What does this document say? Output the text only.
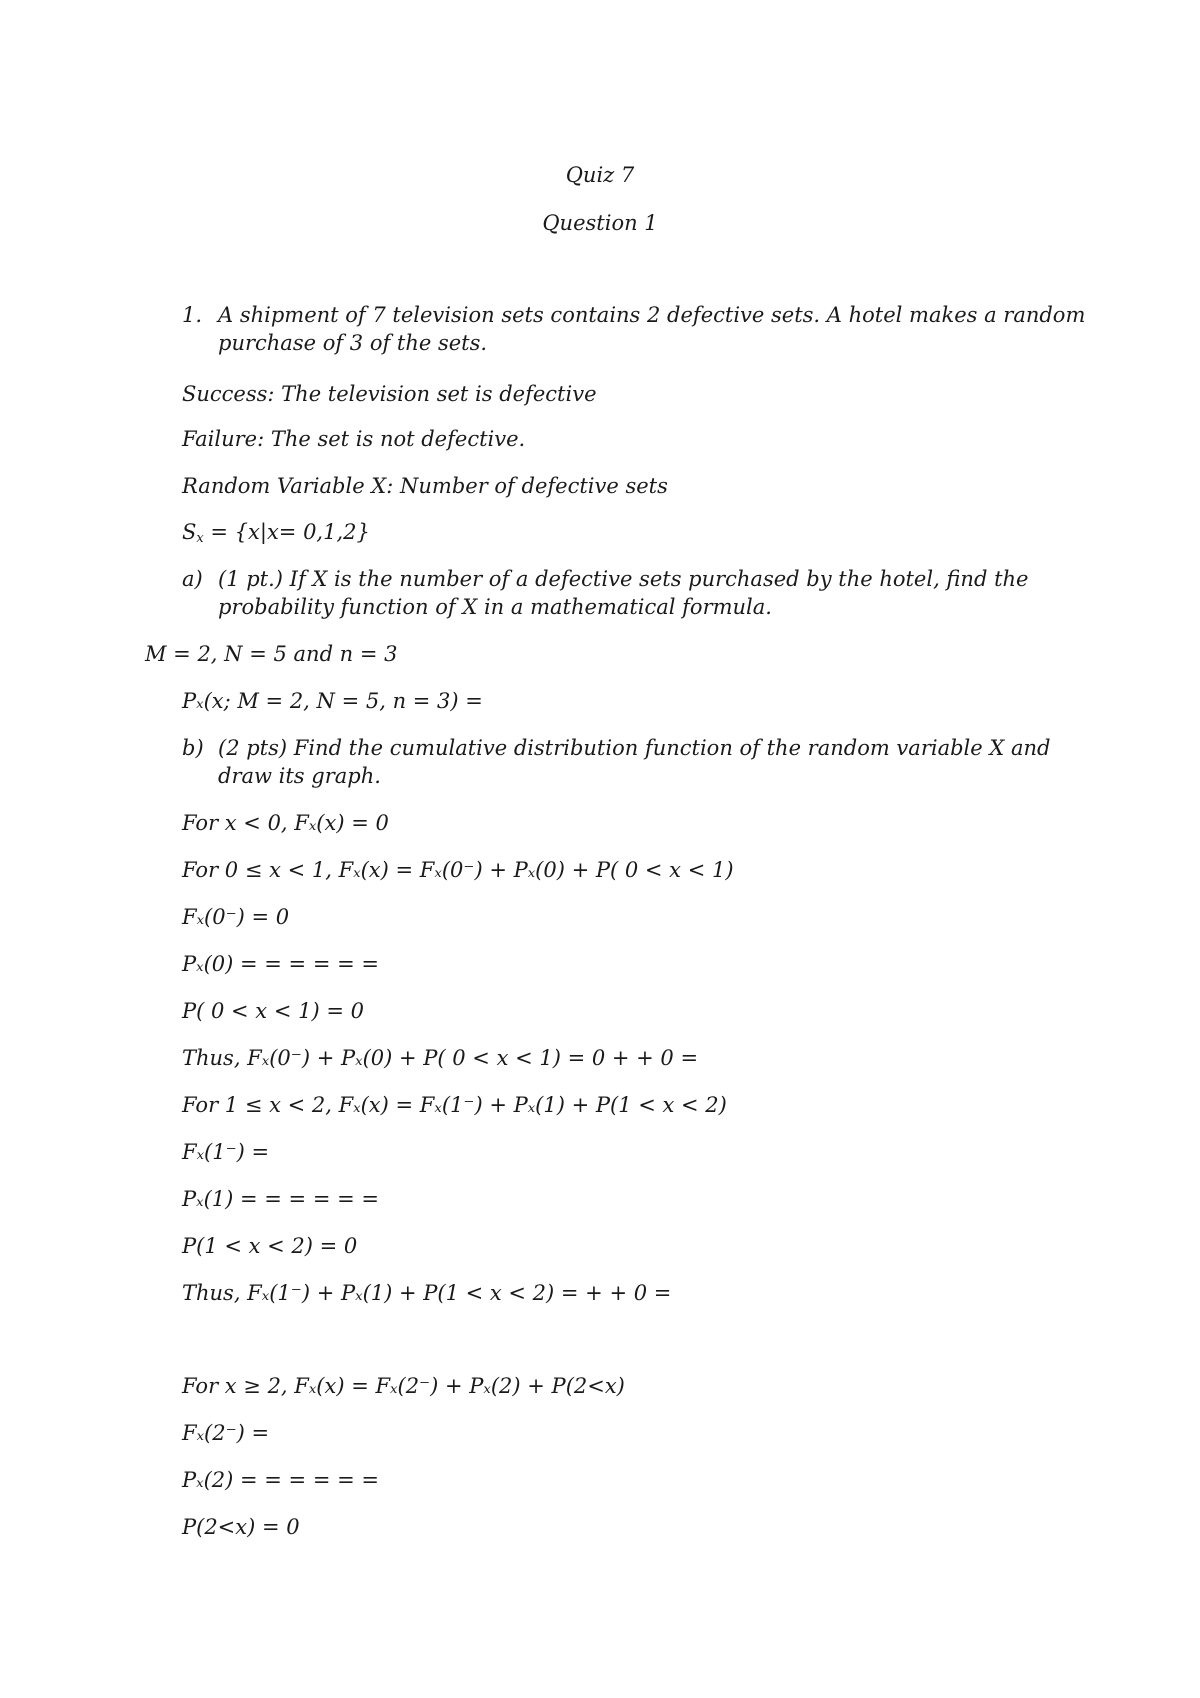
Quiz 7
Question 1
1. A shipment of 7 television sets contains 2 defective sets. A hotel makes a random
purchase of 3 of the sets.
Success: The television set is defective
Failure: The set is not defective.
Random Variable X: Number of defective sets
$S_x = \{x|x= 0,1,2\}$
a) (1 pt.) If X is the number of a defective sets purchased by the hotel, find the
probability function of X in a mathematical formula.
M = 2, N = 5 and n = 3
Pₓ(x; M = 2, N = 5, n = 3) =
b) (2 pts) Find the cumulative distribution function of the random variable X and
draw its graph.
For x < 0, Fₓ(x) = 0
For 0 ≤ x < 1, Fₓ(x) = Fₓ(0⁻) + Pₓ(0) + P( 0 < x < 1)
Fₓ(0⁻) = 0
Pₓ(0) = = = = = =
P( 0 < x < 1) = 0
Thus, Fₓ(0⁻) + Pₓ(0) + P( 0 < x < 1) = 0 + + 0 =
For 1 ≤ x < 2, Fₓ(x) = Fₓ(1⁻) + Pₓ(1) + P(1 < x < 2)
Fₓ(1⁻) =
Pₓ(1) = = = = = =
P(1 < x < 2) = 0
Thus, Fₓ(1⁻) + Pₓ(1) + P(1 < x < 2) = + + 0 =
For x ≥ 2, Fₓ(x) = Fₓ(2⁻) + Pₓ(2) + P(2<x)
Fₓ(2⁻) =
Pₓ(2) = = = = = =
P(2<x) = 0
